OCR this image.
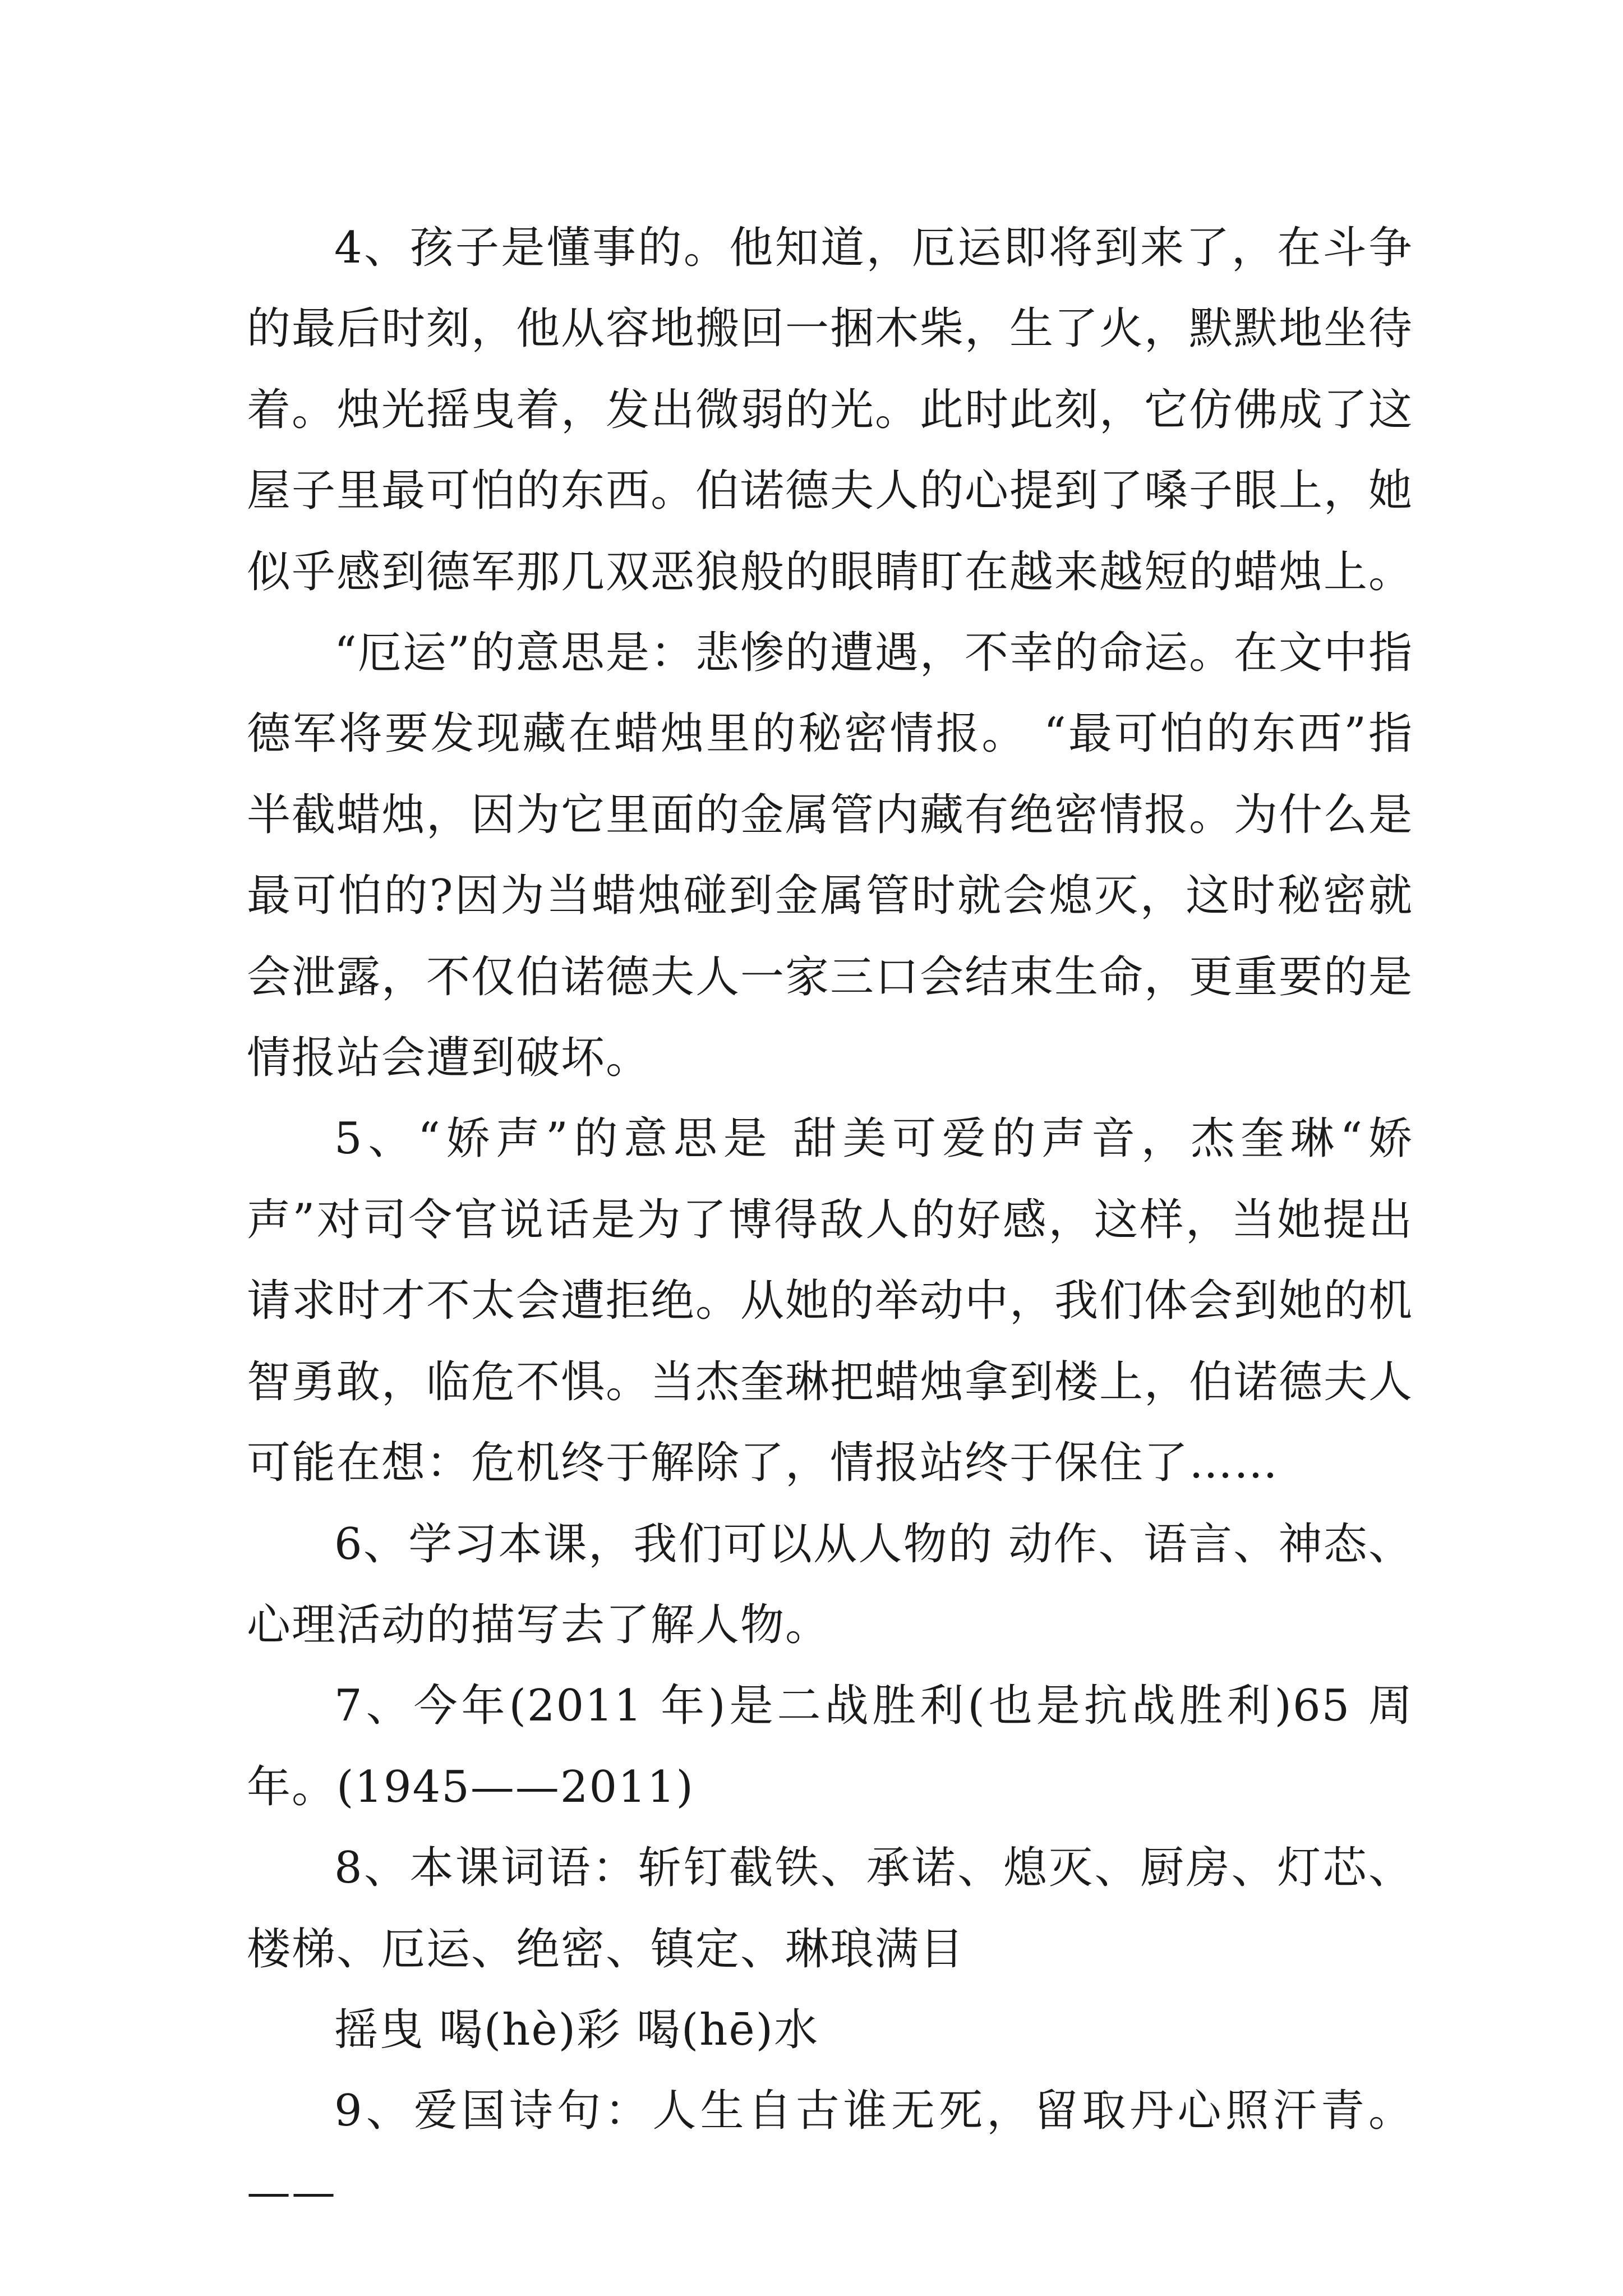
4、孩子是懂事的。他知道，厄运即将到来了，在斗争的最后时刻，他从容地搬回一捆木柴，生了火，默默地坐待着。烛光摇曳着，发出微弱的光。此时此刻，它仿佛成了这屋子里最可怕的东西。伯诺德夫人的心提到了嗓子眼上，她似乎感到德军那几双恶狼般的眼睛盯在越来越短的蜡烛上。

“厄运”的意思是：悲惨的遭遇，不幸的命运。在文中指德军将要发现藏在蜡烛里的秘密情报。 “最可怕的东西”指半截蜡烛，因为它里面的金属管内藏有绝密情报。为什么是最可怕的?因为当蜡烛碰到金属管时就会熄灭，这时秘密就会泄露，不仅伯诺德夫人一家三口会结束生命，更重要的是情报站会遭到破坏。

5、“娇声”的意思是 甜美可爱的声音，杰奎琳“娇声”对司令官说话是为了博得敌人的好感，这样，当她提出请求时才不太会遭拒绝。从她的举动中，我们体会到她的机智勇敢，临危不惧。当杰奎琳把蜡烛拿到楼上，伯诺德夫人可能在想：危机终于解除了，情报站终于保住了……

6、学习本课，我们可以从人物的 动作、语言、神态、心理活动的描写去了解人物。

7、今年(2011 年)是二战胜利(也是抗战胜利)65 周年。(1945——2011)

8、本课词语：斩钉截铁、承诺、熄灭、厨房、灯芯、楼梯、厄运、绝密、镇定、琳琅满目

摇曳 喝(hè)彩 喝(hē)水

9、爱国诗句：人生自古谁无死，留取丹心照汗青。——
